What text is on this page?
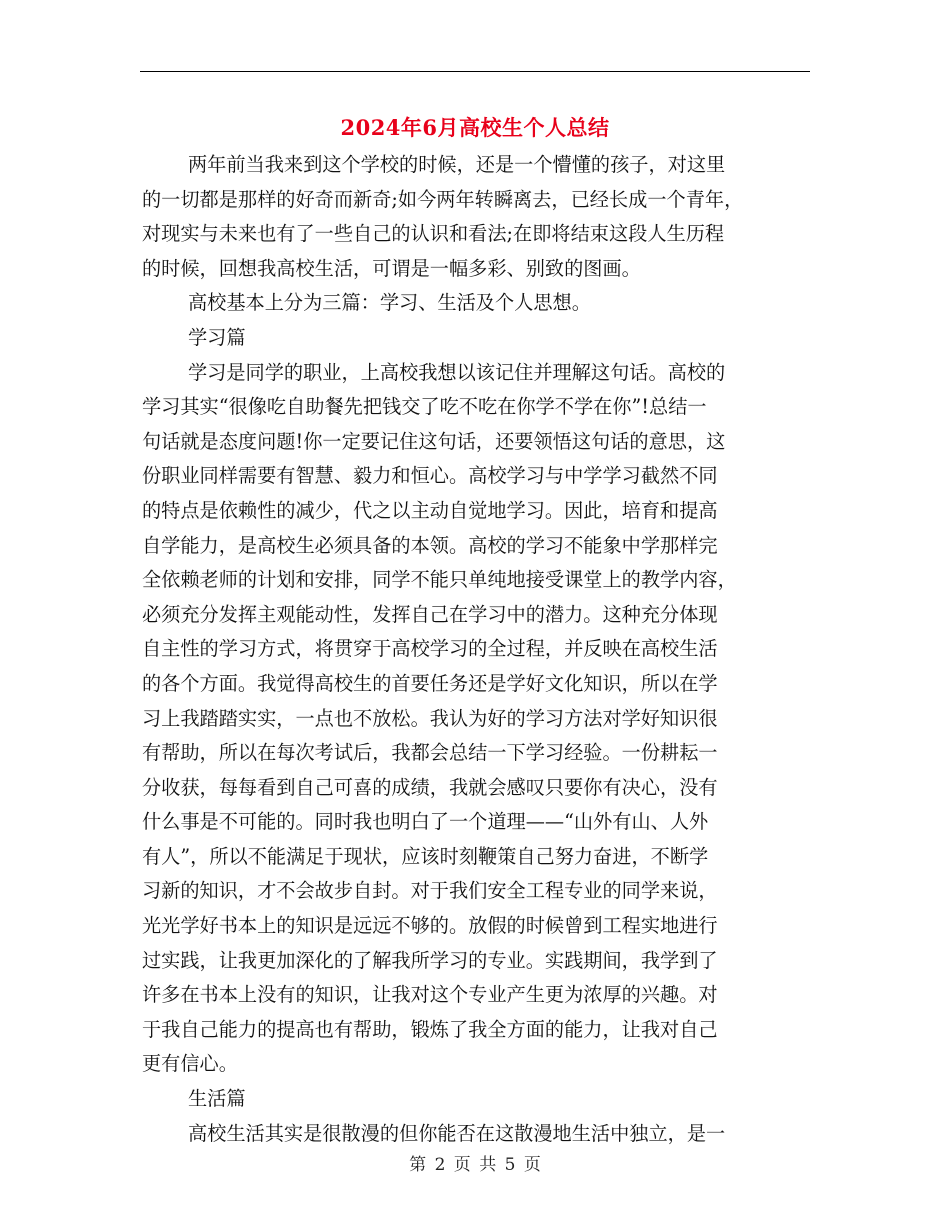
2024年6月高校生个人总结
两年前当我来到这个学校的时候，还是一个懵懂的孩子，对这里
的一切都是那样的好奇而新奇;如今两年转瞬离去，已经长成一个青年，
对现实与未来也有了一些自己的认识和看法;在即将结束这段人生历程
的时候，回想我高校生活，可谓是一幅多彩、别致的图画。
高校基本上分为三篇：学习、生活及个人思想。
学习篇
学习是同学的职业，上高校我想以该记住并理解这句话。高校的
学习其实“很像吃自助餐先把钱交了吃不吃在你学不学在你”!总结一
句话就是态度问题!你一定要记住这句话，还要领悟这句话的意思，这
份职业同样需要有智慧、毅力和恒心。高校学习与中学学习截然不同
的特点是依赖性的减少，代之以主动自觉地学习。因此，培育和提高
自学能力，是高校生必须具备的本领。高校的学习不能象中学那样完
全依赖老师的计划和安排，同学不能只单纯地接受课堂上的教学内容，
必须充分发挥主观能动性，发挥自己在学习中的潜力。这种充分体现
自主性的学习方式，将贯穿于高校学习的全过程，并反映在高校生活
的各个方面。我觉得高校生的首要任务还是学好文化知识，所以在学
习上我踏踏实实，一点也不放松。我认为好的学习方法对学好知识很
有帮助，所以在每次考试后，我都会总结一下学习经验。一份耕耘一
分收获，每每看到自己可喜的成绩，我就会感叹只要你有决心，没有
什么事是不可能的。同时我也明白了一个道理——“山外有山、人外
有人”，所以不能满足于现状，应该时刻鞭策自己努力奋进，不断学
习新的知识，才不会故步自封。对于我们安全工程专业的同学来说，
光光学好书本上的知识是远远不够的。放假的时候曾到工程实地进行
过实践，让我更加深化的了解我所学习的专业。实践期间，我学到了
许多在书本上没有的知识，让我对这个专业产生更为浓厚的兴趣。对
于我自己能力的提高也有帮助，锻炼了我全方面的能力，让我对自己
更有信心。
生活篇
高校生活其实是很散漫的但你能否在这散漫地生活中独立，是一
第 2 页 共 5 页
